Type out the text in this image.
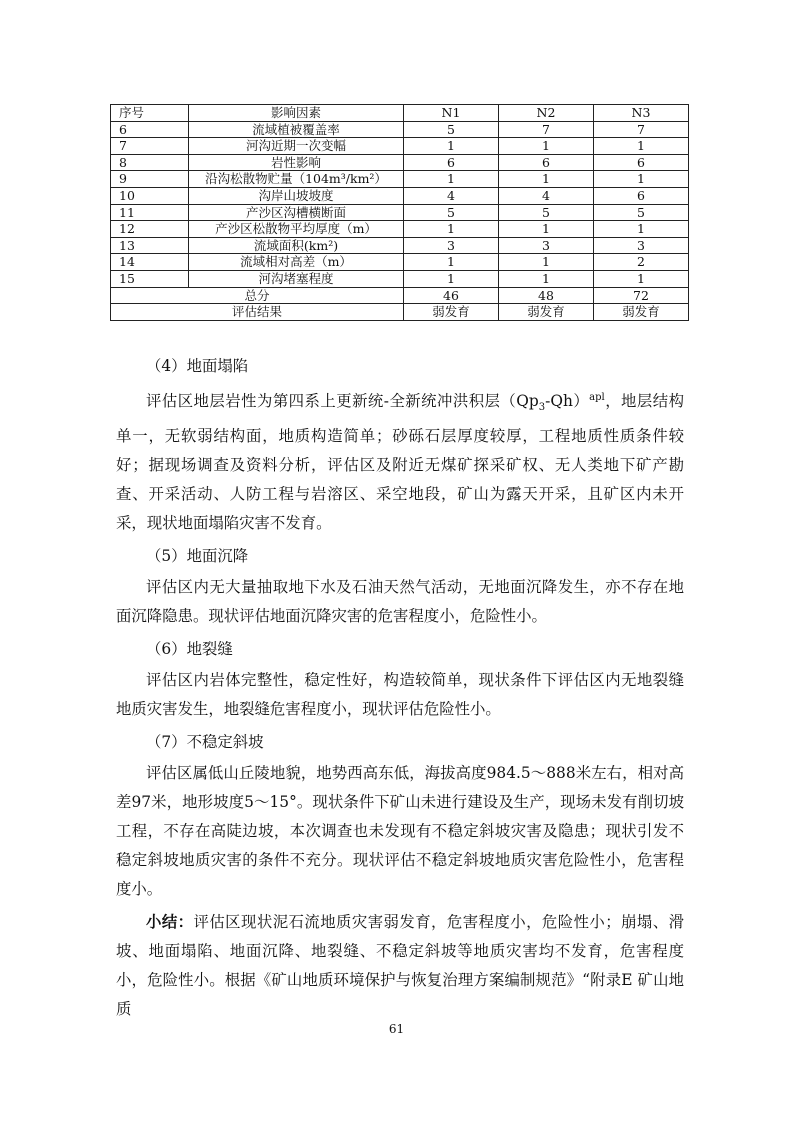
序号	影响因素	N1	N2	N3
6	流域植被覆盖率	5	7	7
7	河沟近期一次变幅	1	1	1
8	岩性影响	6	6	6
9	沿沟松散物贮量（104m³/km²）	1	1	1
10	沟岸山坡坡度	4	4	6
11	产沙区沟槽横断面	5	5	5
12	产沙区松散物平均厚度（m）	1	1	1
13	流域面积(km²)	3	3	3
14	流域相对高差（m）	1	1	2
15	河沟堵塞程度	1	1	1
总分		46	48	72
评估结果		弱发育	弱发育	弱发育

（4）地面塌陷

评估区地层岩性为第四系上更新统-全新统冲洪积层$(Qp_3-Qh)^{apl}$，地层结构单一，无软弱结构面，地质构造简单；砂砾石层厚度较厚，工程地质性质条件较好；据现场调查及资料分析，评估区及附近无煤矿探采矿权、无人类地下矿产勘查、开采活动、人防工程与岩溶区、采空地段，矿山为露天开采，且矿区内未开采，现状地面塌陷灾害不发育。

（5）地面沉降

评估区内无大量抽取地下水及石油天然气活动，无地面沉降发生，亦不存在地面沉降隐患。现状评估地面沉降灾害的危害程度小，危险性小。

（6）地裂缝

评估区内岩体完整性，稳定性好，构造较简单，现状条件下评估区内无地裂缝地质灾害发生，地裂缝危害程度小，现状评估危险性小。

（7）不稳定斜坡

评估区属低山丘陵地貌，地势西高东低，海拔高度984.5～888米左右，相对高差97米，地形坡度5～15°。现状条件下矿山未进行建设及生产，现场未发有削切坡工程，不存在高陡边坡，本次调查也未发现有不稳定斜坡灾害及隐患；现状引发不稳定斜坡地质灾害的条件不充分。现状评估不稳定斜坡地质灾害危险性小，危害程度小。

小结：评估区现状泥石流地质灾害弱发育，危害程度小，危险性小；崩塌、滑坡、地面塌陷、地面沉降、地裂缝、不稳定斜坡等地质灾害均不发育，危害程度小，危险性小。根据《矿山地质环境保护与恢复治理方案编制规范》“附录E 矿山地质

61
